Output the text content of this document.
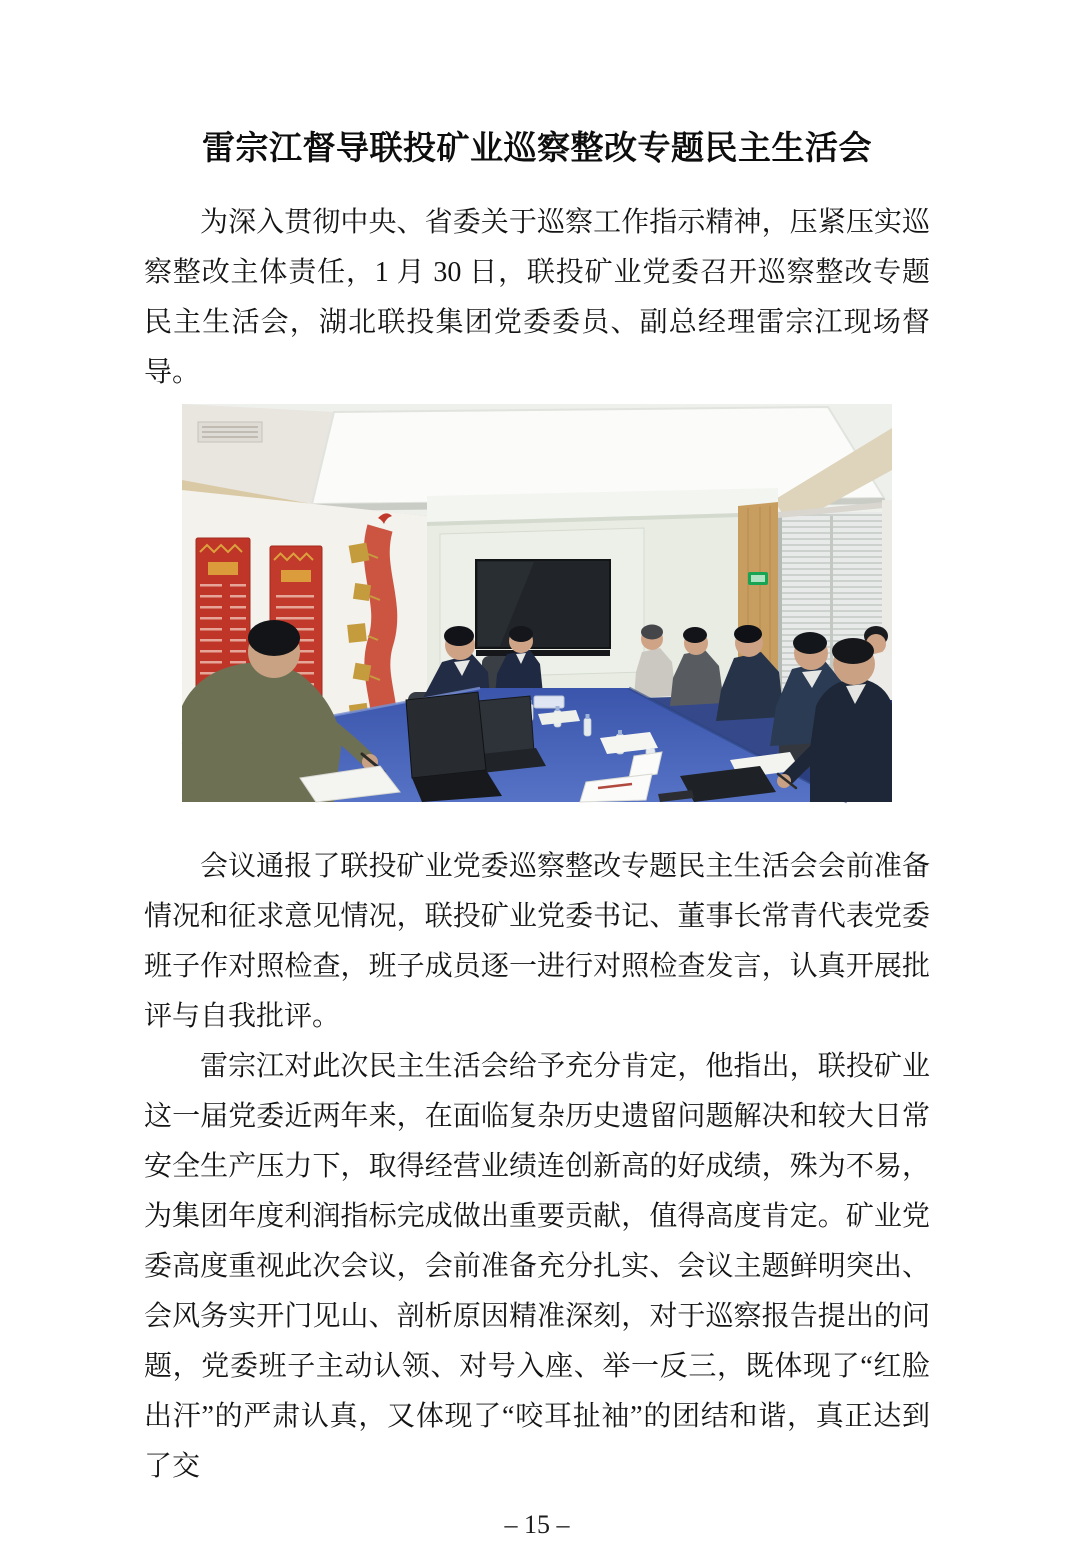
雷宗江督导联投矿业巡察整改专题民主生活会

为深入贯彻中央、省委关于巡察工作指示精神，压紧压实巡察整改主体责任，1 月 30 日，联投矿业党委召开巡察整改专题民主生活会，湖北联投集团党委委员、副总经理雷宗江现场督导。

会议通报了联投矿业党委巡察整改专题民主生活会会前准备情况和征求意见情况，联投矿业党委书记、董事长常青代表党委班子作对照检查，班子成员逐一进行对照检查发言，认真开展批评与自我批评。

雷宗江对此次民主生活会给予充分肯定，他指出，联投矿业这一届党委近两年来，在面临复杂历史遗留问题解决和较大日常安全生产压力下，取得经营业绩连创新高的好成绩，殊为不易，为集团年度利润指标完成做出重要贡献，值得高度肯定。矿业党委高度重视此次会议，会前准备充分扎实、会议主题鲜明突出、会风务实开门见山、剖析原因精准深刻，对于巡察报告提出的问题，党委班子主动认领、对号入座、举一反三，既体现了“红脸出汗”的严肃认真，又体现了“咬耳扯袖”的团结和谐，真正达到了交

– 15 –
